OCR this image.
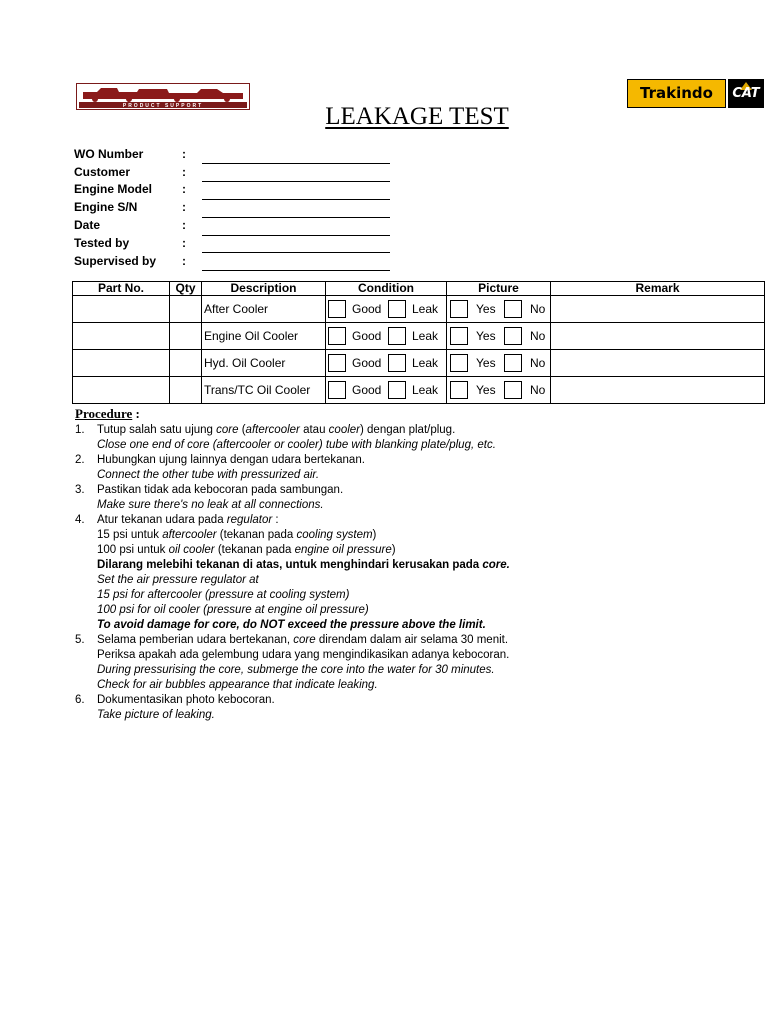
PRODUCT SUPPORT
Trakindo	CAT
LEAKAGE TEST
WO Number	:
Customer	:
Engine Model	:
Engine S/N	:
Date	:
Tested by	:
Supervised by :
Part No.	Qty	Description	Condition	Picture	Remark
		After Cooler	Good Leak	Yes No	

		Engine Oil Cooler	Good Leak	Yes No	

		Hyd. Oil Cooler	Good Leak	Yes No	

		Trans/TC Oil Cooler	Good Leak	Yes No	

Procedure :
1. Tutup salah satu ujung core (aftercooler atau cooler) dengan plat/plug.
Close one end of core (aftercooler or cooler) tube with blanking plate/plug, etc.
2. Hubungkan ujung lainnya dengan udara bertekanan.
Connect the other tube with pressurized air.
3. Pastikan tidak ada kebocoran pada sambungan.
Make sure there's no leak at all connections.
4. Atur tekanan udara pada regulator :
15 psi untuk aftercooler (tekanan pada cooling system)
100 psi untuk oil cooler (tekanan pada engine oil pressure)
Dilarang melebihi tekanan di atas, untuk menghindari kerusakan pada core.
Set the air pressure regulator at
15 psi for aftercooler (pressure at cooling system)
100 psi for oil cooler (pressure at engine oil pressure)
To avoid damage for core, do NOT exceed the pressure above the limit.
5. Selama pemberian udara bertekanan, core direndam dalam air selama 30 menit.
Periksa apakah ada gelembung udara yang mengindikasikan adanya kebocoran.
During pressurising the core, submerge the core into the water for 30 minutes.
Check for air bubbles appearance that indicate leaking.
6. Dokumentasikan photo kebocoran.
Take picture of leaking.
